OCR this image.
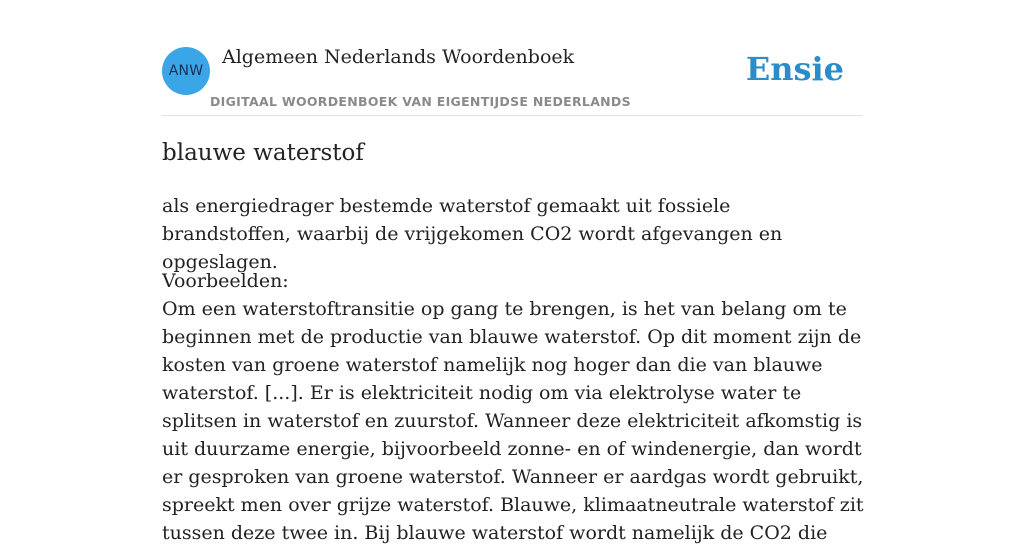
ANW
Algemeen Nederlands Woordenboek
DIGITAAL WOORDENBOEK VAN EIGENTIJDSE NEDERLANDS
Ensie
blauwe waterstof
als energiedrager bestemde waterstof gemaakt uit fossiele brandstoffen, waarbij de vrijgekomen CO2 wordt afgevangen en opgeslagen.
Voorbeelden:
Om een waterstoftransitie op gang te brengen, is het van belang om te beginnen met de productie van blauwe waterstof. Op dit moment zijn de kosten van groene waterstof namelijk nog hoger dan die van blauwe waterstof. [...]. Er is elektriciteit nodig om via elektrolyse water te splitsen in waterstof en zuurstof. Wanneer deze elektriciteit afkomstig is uit duurzame energie, bijvoorbeeld zonne- en of windenergie, dan wordt er gesproken van groene waterstof. Wanneer er aardgas wordt gebruikt, spreekt men over grijze waterstof. Blauwe, klimaatneutrale waterstof zit tussen deze twee in. Bij blauwe waterstof wordt namelijk de CO2 die
